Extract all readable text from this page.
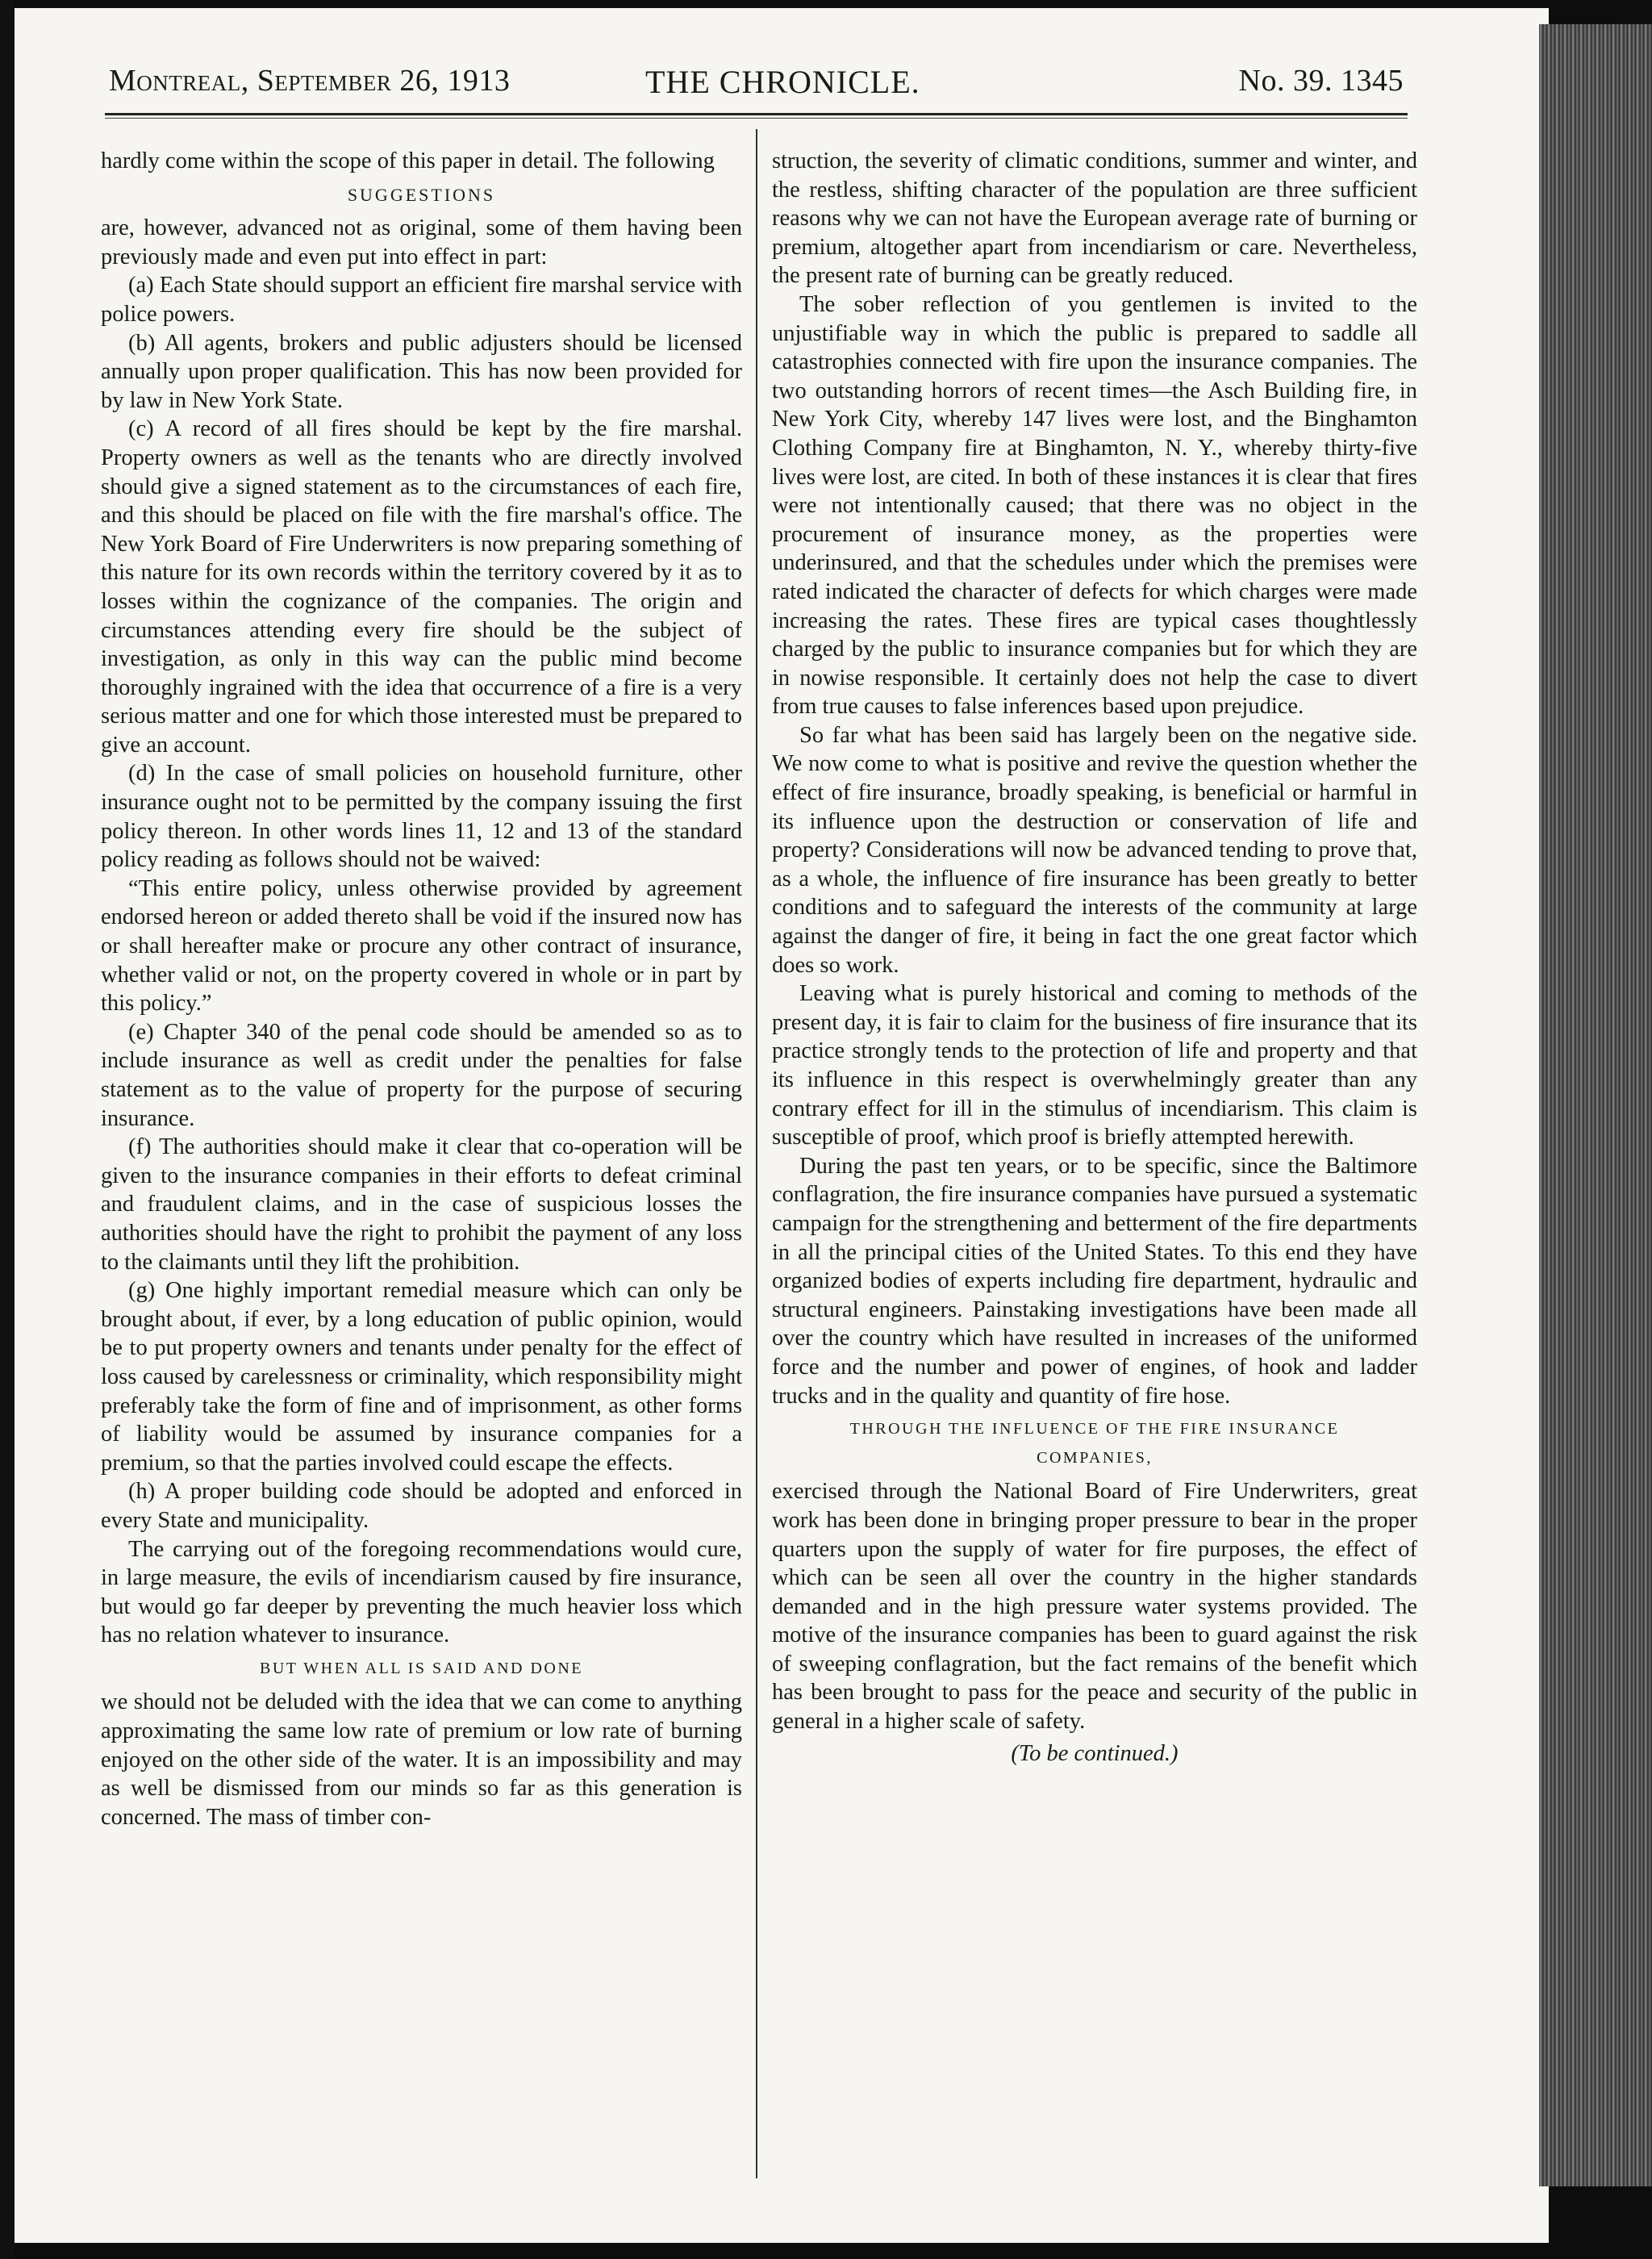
Montreal, September 26, 1913	THE CHRONICLE.	No. 39. 1345

hardly come within the scope of this paper in detail. The following

SUGGESTIONS

are, however, advanced not as original, some of them having been previously made and even put into effect in part:

(a) Each State should support an efficient fire marshal service with police powers.

(b) All agents, brokers and public adjusters should be licensed annually upon proper qualification. This has now been provided for by law in New York State.

(c) A record of all fires should be kept by the fire marshal. Property owners as well as the tenants who are directly involved should give a signed statement as to the circumstances of each fire, and this should be placed on file with the fire marshal's office. The New York Board of Fire Underwriters is now preparing something of this nature for its own records within the territory covered by it as to losses within the cognizance of the companies. The origin and circumstances attending every fire should be the subject of investigation, as only in this way can the public mind become thoroughly ingrained with the idea that occurrence of a fire is a very serious matter and one for which those interested must be prepared to give an account.

(d) In the case of small policies on household furniture, other insurance ought not to be permitted by the company issuing the first policy thereon. In other words lines 11, 12 and 13 of the standard policy reading as follows should not be waived:

“This entire policy, unless otherwise provided by agreement endorsed hereon or added thereto shall be void if the insured now has or shall hereafter make or procure any other contract of insurance, whether valid or not, on the property covered in whole or in part by this policy.”

(e) Chapter 340 of the penal code should be amended so as to include insurance as well as credit under the penalties for false statement as to the value of property for the purpose of securing insurance.

(f) The authorities should make it clear that co-operation will be given to the insurance companies in their efforts to defeat criminal and fraudulent claims, and in the case of suspicious losses the authorities should have the right to prohibit the payment of any loss to the claimants until they lift the prohibition.

(g) One highly important remedial measure which can only be brought about, if ever, by a long education of public opinion, would be to put property owners and tenants under penalty for the effect of loss caused by carelessness or criminality, which responsibility might preferably take the form of fine and of imprisonment, as other forms of liability would be assumed by insurance companies for a premium, so that the parties involved could escape the effects.

(h) A proper building code should be adopted and enforced in every State and municipality.

The carrying out of the foregoing recommendations would cure, in large measure, the evils of incendiarism caused by fire insurance, but would go far deeper by preventing the much heavier loss which has no relation whatever to insurance.

BUT WHEN ALL IS SAID AND DONE

we should not be deluded with the idea that we can come to anything approximating the same low rate of premium or low rate of burning enjoyed on the other side of the water. It is an impossibility and may as well be dismissed from our minds so far as this generation is concerned. The mass of timber con-

struction, the severity of climatic conditions, summer and winter, and the restless, shifting character of the population are three sufficient reasons why we can not have the European average rate of burning or premium, altogether apart from incendiarism or care. Nevertheless, the present rate of burning can be greatly reduced.

The sober reflection of you gentlemen is invited to the unjustifiable way in which the public is prepared to saddle all catastrophies connected with fire upon the insurance companies. The two outstanding horrors of recent times—the Asch Building fire, in New York City, whereby 147 lives were lost, and the Binghamton Clothing Company fire at Binghamton, N. Y., whereby thirty-five lives were lost, are cited. In both of these instances it is clear that fires were not intentionally caused; that there was no object in the procurement of insurance money, as the properties were underinsured, and that the schedules under which the premises were rated indicated the character of defects for which charges were made increasing the rates. These fires are typical cases thoughtlessly charged by the public to insurance companies but for which they are in nowise responsible. It certainly does not help the case to divert from true causes to false inferences based upon prejudice.

So far what has been said has largely been on the negative side. We now come to what is positive and revive the question whether the effect of fire insurance, broadly speaking, is beneficial or harmful in its influence upon the destruction or conservation of life and property? Considerations will now be advanced tending to prove that, as a whole, the influence of fire insurance has been greatly to better conditions and to safeguard the interests of the community at large against the danger of fire, it being in fact the one great factor which does so work.

Leaving what is purely historical and coming to methods of the present day, it is fair to claim for the business of fire insurance that its practice strongly tends to the protection of life and property and that its influence in this respect is overwhelmingly greater than any contrary effect for ill in the stimulus of incendiarism. This claim is susceptible of proof, which proof is briefly attempted herewith.

During the past ten years, or to be specific, since the Baltimore conflagration, the fire insurance companies have pursued a systematic campaign for the strengthening and betterment of the fire departments in all the principal cities of the United States. To this end they have organized bodies of experts including fire department, hydraulic and structural engineers. Painstaking investigations have been made all over the country which have resulted in increases of the uniformed force and the number and power of engines, of hook and ladder trucks and in the quality and quantity of fire hose.

THROUGH THE INFLUENCE OF THE FIRE INSURANCE
COMPANIES,

exercised through the National Board of Fire Underwriters, great work has been done in bringing proper pressure to bear in the proper quarters upon the supply of water for fire purposes, the effect of which can be seen all over the country in the higher standards demanded and in the high pressure water systems provided. The motive of the insurance companies has been to guard against the risk of sweeping conflagration, but the fact remains of the benefit which has been brought to pass for the peace and security of the public in general in a higher scale of safety.

(To be continued.)
